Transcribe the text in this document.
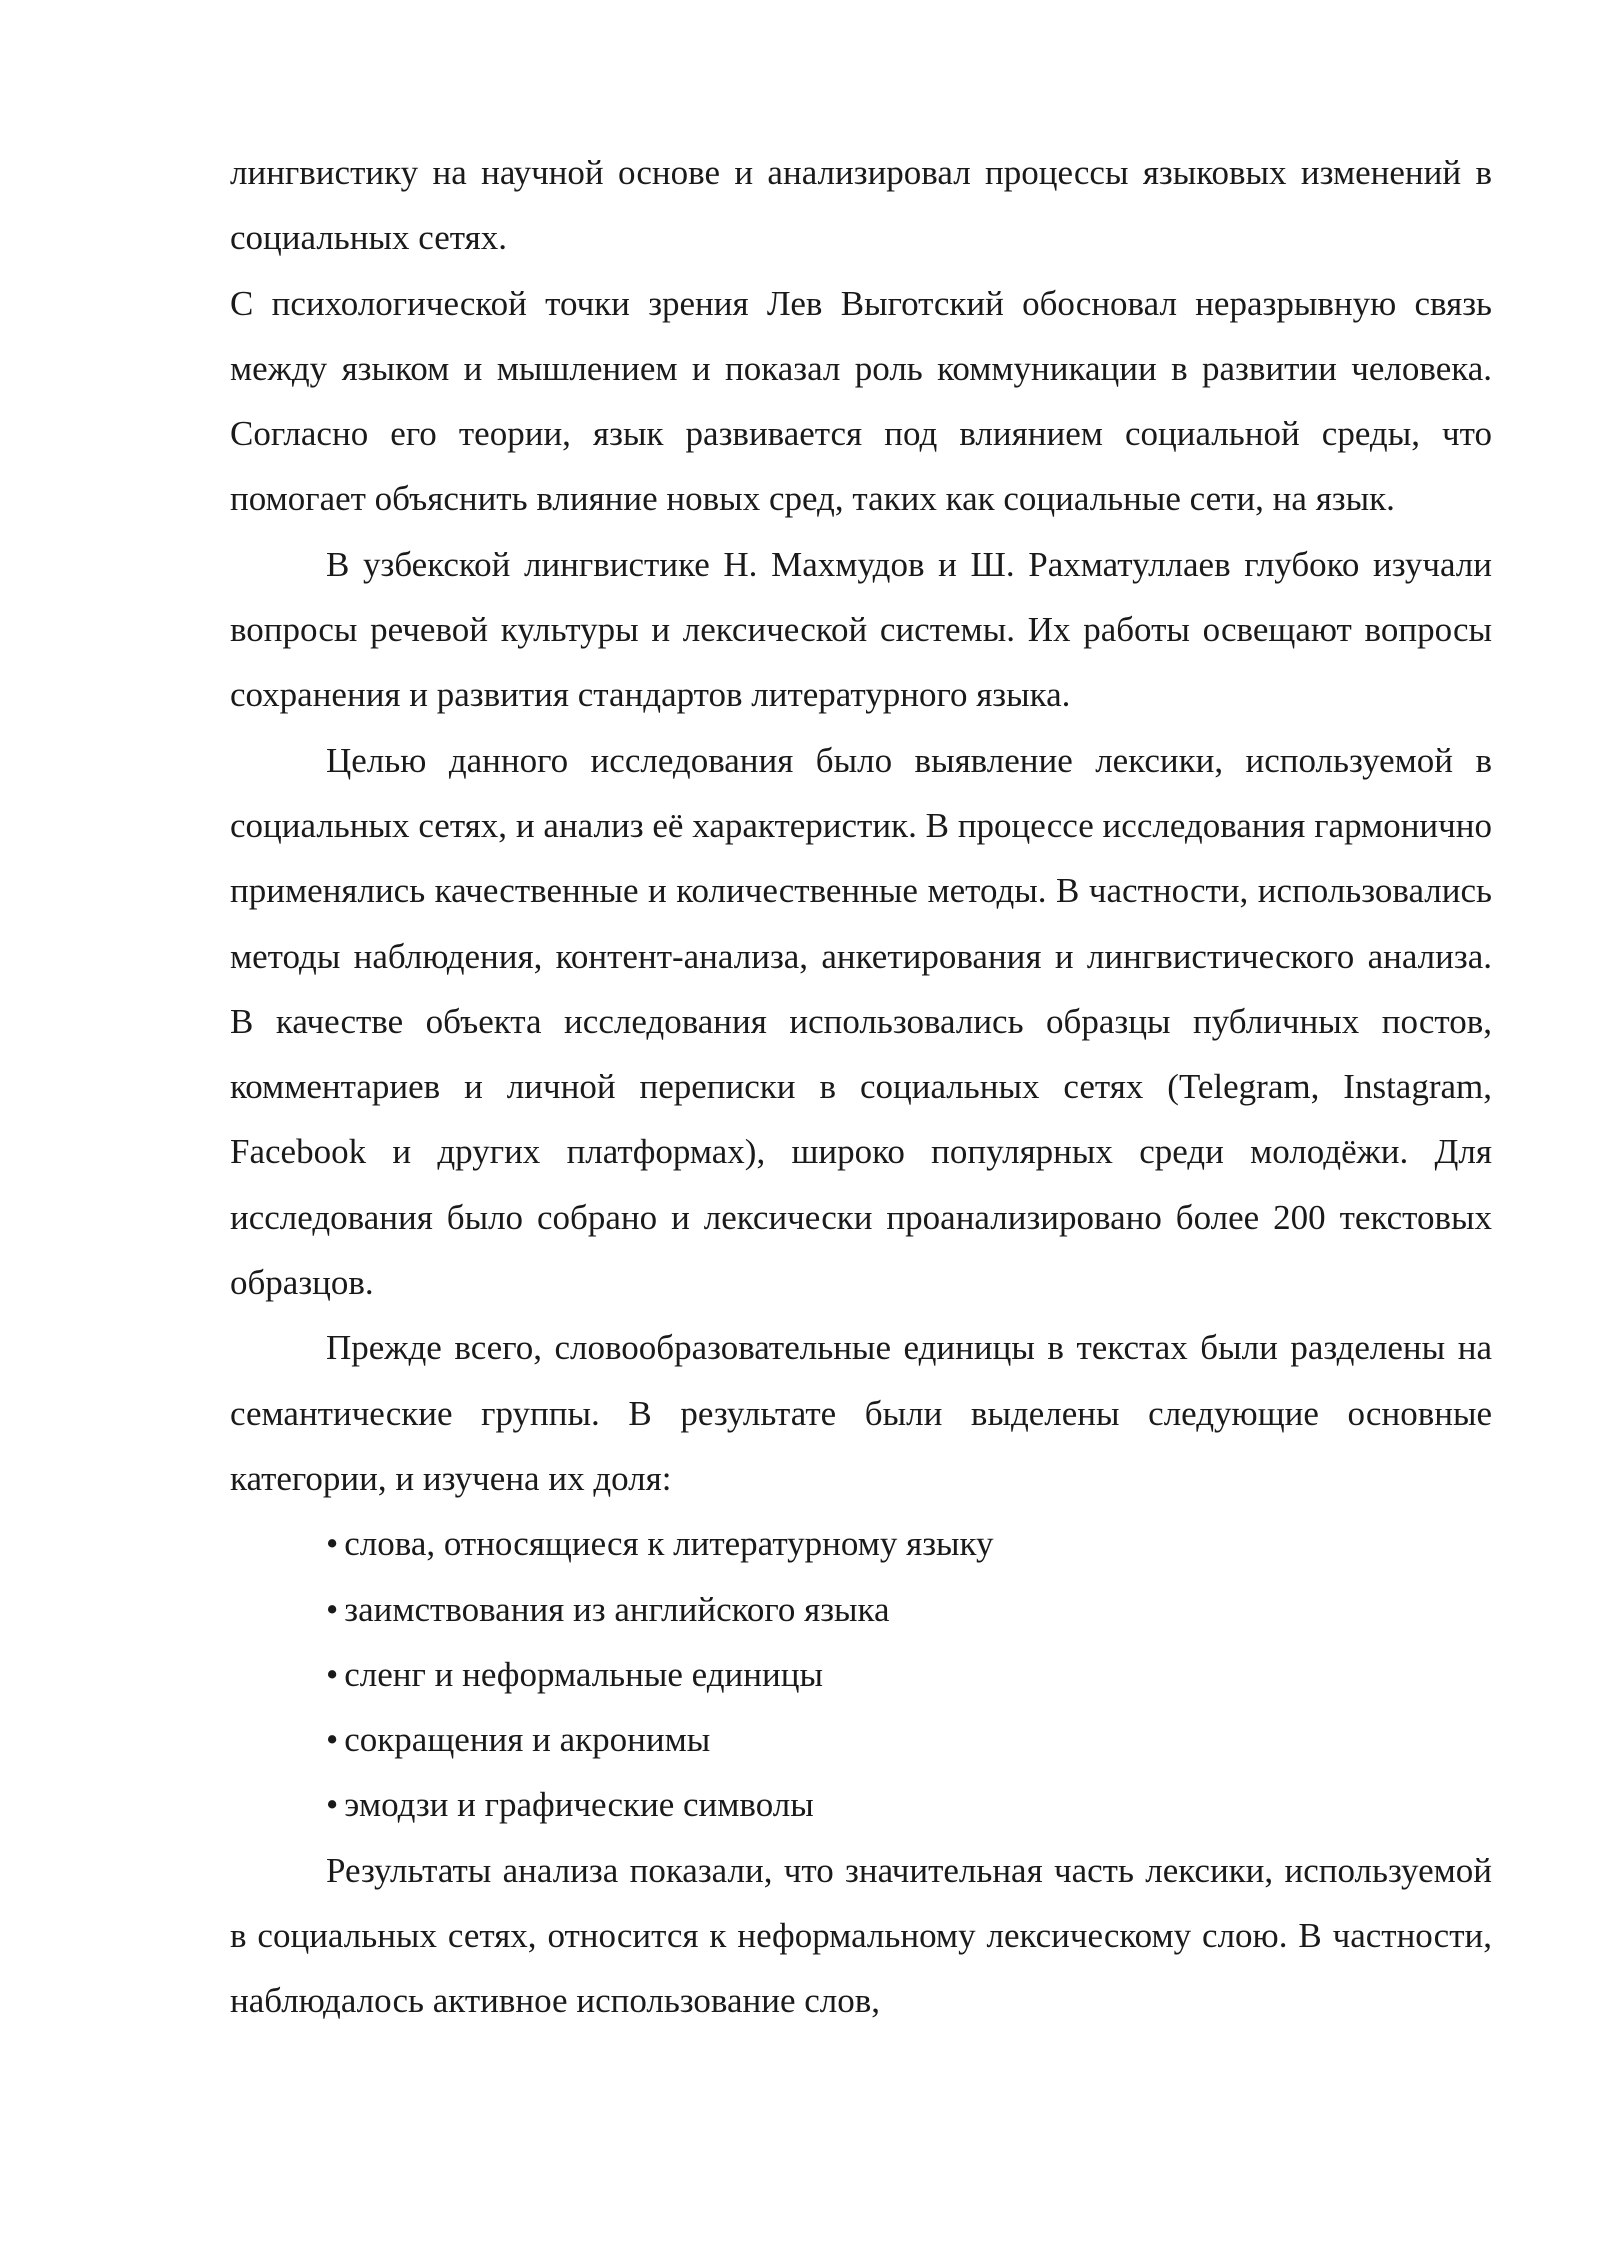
лингвистику на научной основе и анализировал процессы языковых изменений в социальных сетях.

С психологической точки зрения Лев Выготский обосновал неразрывную связь между языком и мышлением и показал роль коммуникации в развитии человека. Согласно его теории, язык развивается под влиянием социальной среды, что помогает объяснить влияние новых сред, таких как социальные сети, на язык.

В узбекской лингвистике Н. Махмудов и Ш. Рахматуллаев глубоко изучали вопросы речевой культуры и лексической системы. Их работы освещают вопросы сохранения и развития стандартов литературного языка.

Целью данного исследования было выявление лексики, используемой в социальных сетях, и анализ её характеристик. В процессе исследования гармонично применялись качественные и количественные методы. В частности, использовались методы наблюдения, контент-анализа, анкетирования и лингвистического анализа. В качестве объекта исследования использовались образцы публичных постов, комментариев и личной переписки в социальных сетях (Telegram, Instagram, Facebook и других платформах), широко популярных среди молодёжи. Для исследования было собрано и лексически проанализировано более 200 текстовых образцов.

Прежде всего, словообразовательные единицы в текстах были разделены на семантические группы. В результате были выделены следующие основные категории, и изучена их доля:

• слова, относящиеся к литературному языку
• заимствования из английского языка
• сленг и неформальные единицы
• сокращения и акронимы
• эмодзи и графические символы

Результаты анализа показали, что значительная часть лексики, используемой в социальных сетях, относится к неформальному лексическому слою. В частности, наблюдалось активное использование слов,
